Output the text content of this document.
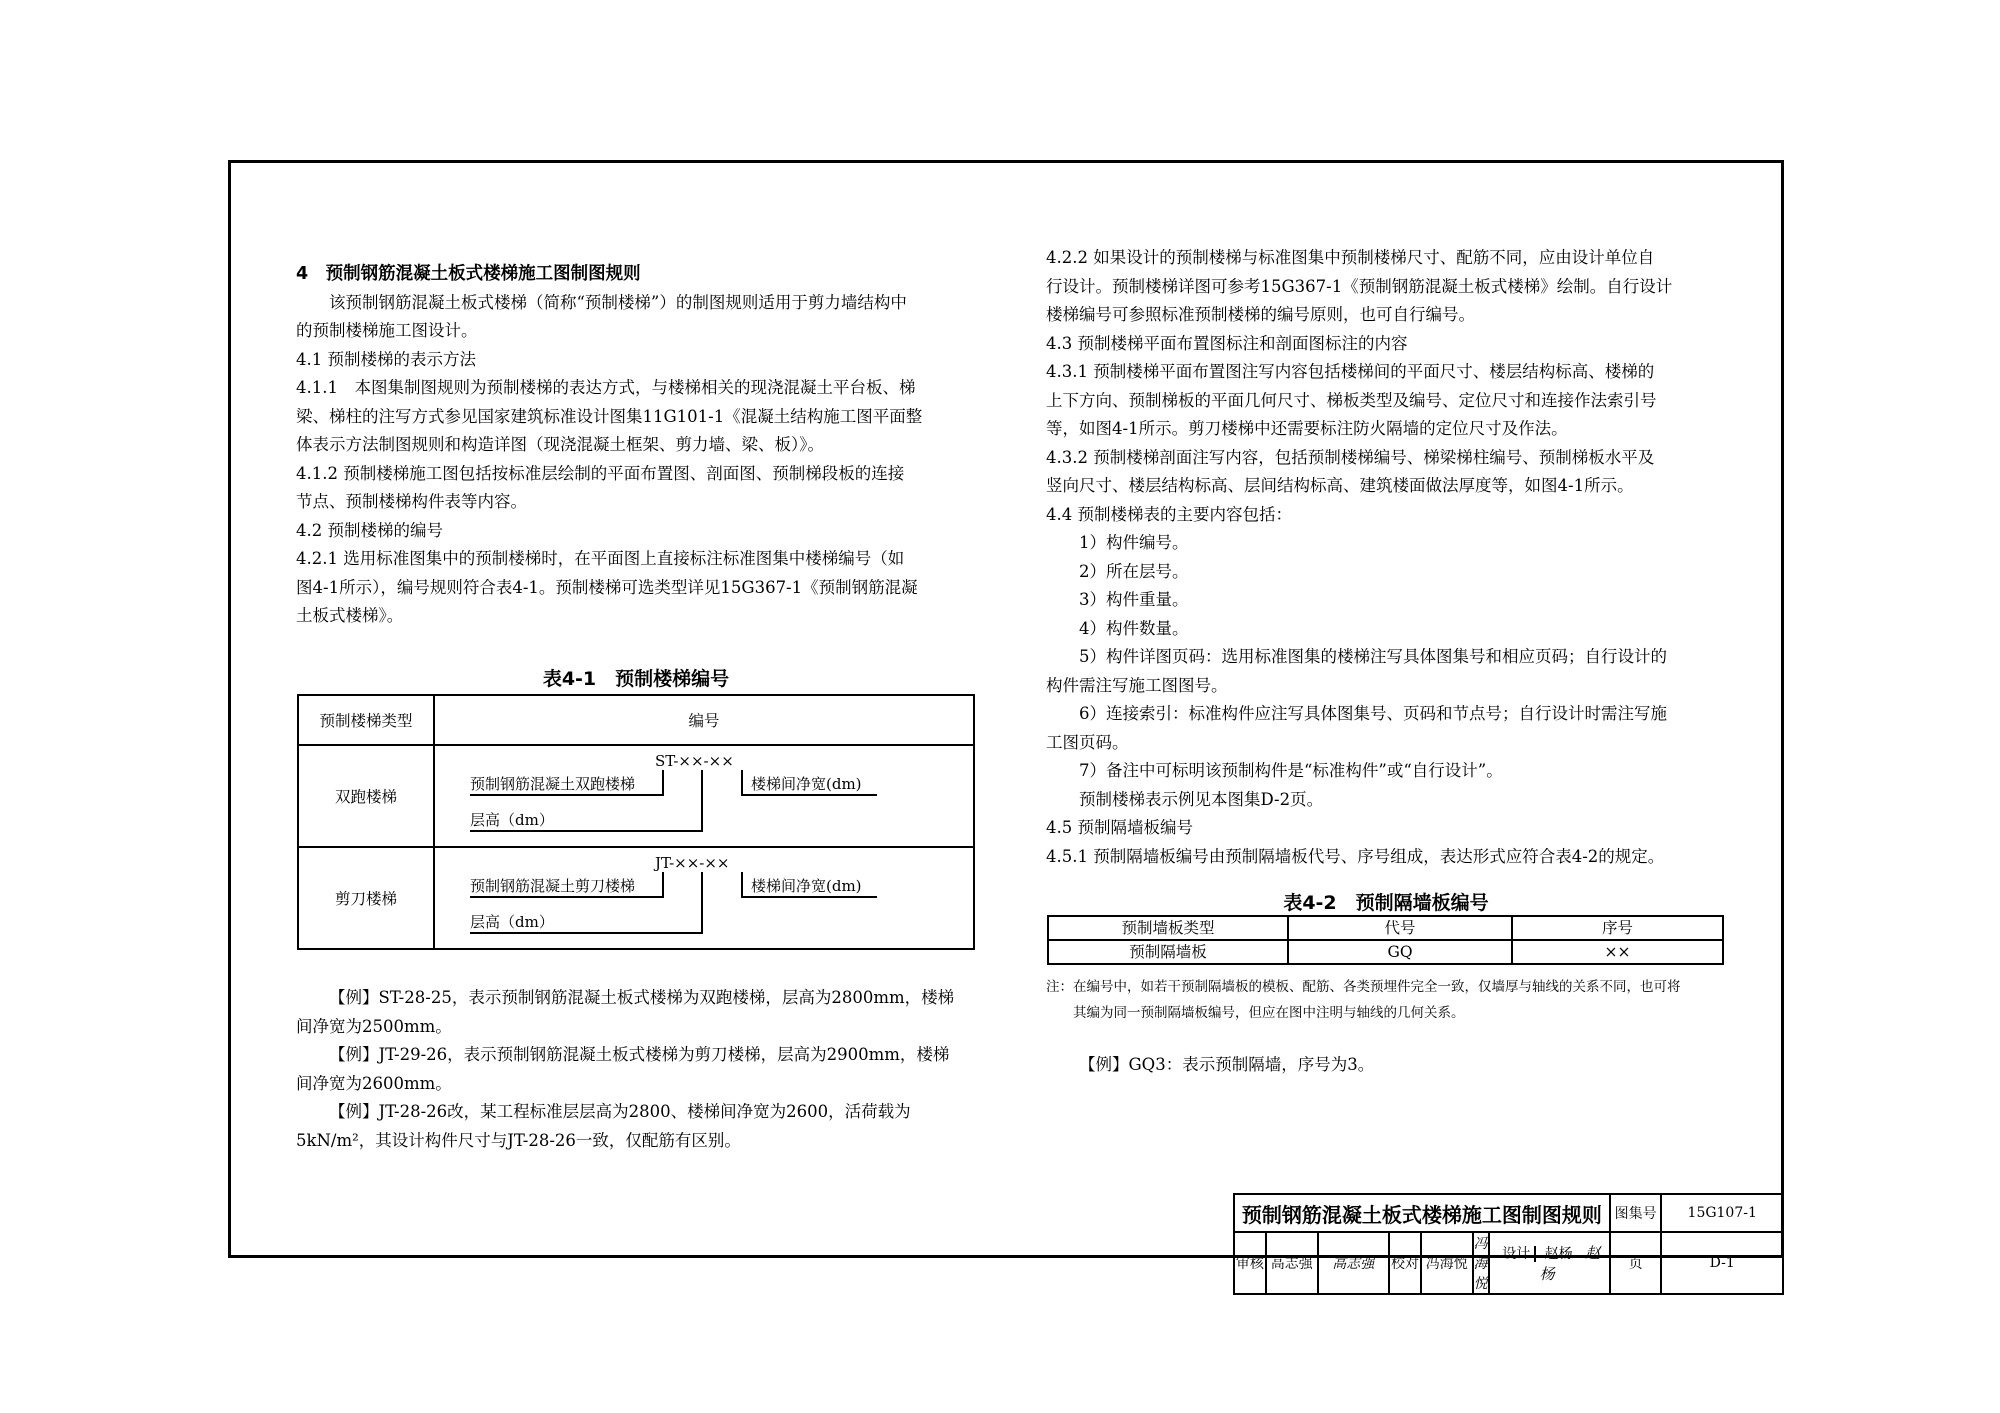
4　预制钢筋混凝土板式楼梯施工图制图规则

该预制钢筋混凝土板式楼梯（简称“预制楼梯”）的制图规则适用于剪力墙结构中

的预制楼梯施工图设计。

4.1 预制楼梯的表示方法

4.1.1　本图集制图规则为预制楼梯的表达方式，与楼梯相关的现浇混凝土平台板、梯

梁、梯柱的注写方式参见国家建筑标准设计图集11G101-1《混凝土结构施工图平面整

体表示方法制图规则和构造详图（现浇混凝土框架、剪力墙、梁、板）》。

4.1.2 预制楼梯施工图包括按标准层绘制的平面布置图、剖面图、预制梯段板的连接

节点、预制楼梯构件表等内容。

4.2 预制楼梯的编号

4.2.1 选用标准图集中的预制楼梯时，在平面图上直接标注标准图集中楼梯编号（如

图4-1所示），编号规则符合表4-1。预制楼梯可选类型详见15G367-1《预制钢筋混凝

土板式楼梯》。

表4-1　预制楼梯编号
预制楼梯类型	编号
双跑楼梯	ST-××-××
预制钢筋混凝土双跑楼梯
层高（dm）
楼梯间净宽(dm)

剪刀楼梯	JT-××-××
预制钢筋混凝土剪刀楼梯
层高（dm）
楼梯间净宽(dm)

【例】ST-28-25，表示预制钢筋混凝土板式楼梯为双跑楼梯，层高为2800mm，楼梯

间净宽为2500mm。

【例】JT-29-26，表示预制钢筋混凝土板式楼梯为剪刀楼梯，层高为2900mm，楼梯

间净宽为2600mm。

【例】JT-28-26改，某工程标准层层高为2800、楼梯间净宽为2600，活荷载为

5kN/m²，其设计构件尺寸与JT-28-26一致，仅配筋有区别。

4.2.2 如果设计的预制楼梯与标准图集中预制楼梯尺寸、配筋不同，应由设计单位自

行设计。预制楼梯详图可参考15G367-1《预制钢筋混凝土板式楼梯》绘制。自行设计

楼梯编号可参照标准预制楼梯的编号原则，也可自行编号。

4.3 预制楼梯平面布置图标注和剖面图标注的内容

4.3.1 预制楼梯平面布置图注写内容包括楼梯间的平面尺寸、楼层结构标高、楼梯的

上下方向、预制梯板的平面几何尺寸、梯板类型及编号、定位尺寸和连接作法索引号

等，如图4-1所示。剪刀楼梯中还需要标注防火隔墙的定位尺寸及作法。

4.3.2 预制楼梯剖面注写内容，包括预制楼梯编号、梯梁梯柱编号、预制梯板水平及

竖向尺寸、楼层结构标高、层间结构标高、建筑楼面做法厚度等，如图4-1所示。

4.4 预制楼梯表的主要内容包括：

1）构件编号。

2）所在层号。

3）构件重量。

4）构件数量。

5）构件详图页码：选用标准图集的楼梯注写具体图集号和相应页码；自行设计的

构件需注写施工图图号。

6）连接索引：标准构件应注写具体图集号、页码和节点号；自行设计时需注写施

工图页码。

7）备注中可标明该预制构件是“标准构件”或“自行设计”。

预制楼梯表示例见本图集D-2页。

4.5 预制隔墙板编号

4.5.1 预制隔墙板编号由预制隔墙板代号、序号组成，表达形式应符合表4-2的规定。

表4-2　预制隔墙板编号
预制墙板类型	代号	序号
预制隔墙板	GQ	××

注：在编号中，如若干预制隔墙板的模板、配筋、各类预埋件完全一致，仅墙厚与轴线的关系不同，也可将

其编为同一预制隔墙板编号，但应在图中注明与轴线的几何关系。

【例】GQ3：表示预制隔墙，序号为3。

预制钢筋混凝土板式楼梯施工图制图规则							图集号	15G107-1
审核	高志强	高志强	校对	冯海悦	冯海悦	设计 赵杨 赵杨	页	D-1
